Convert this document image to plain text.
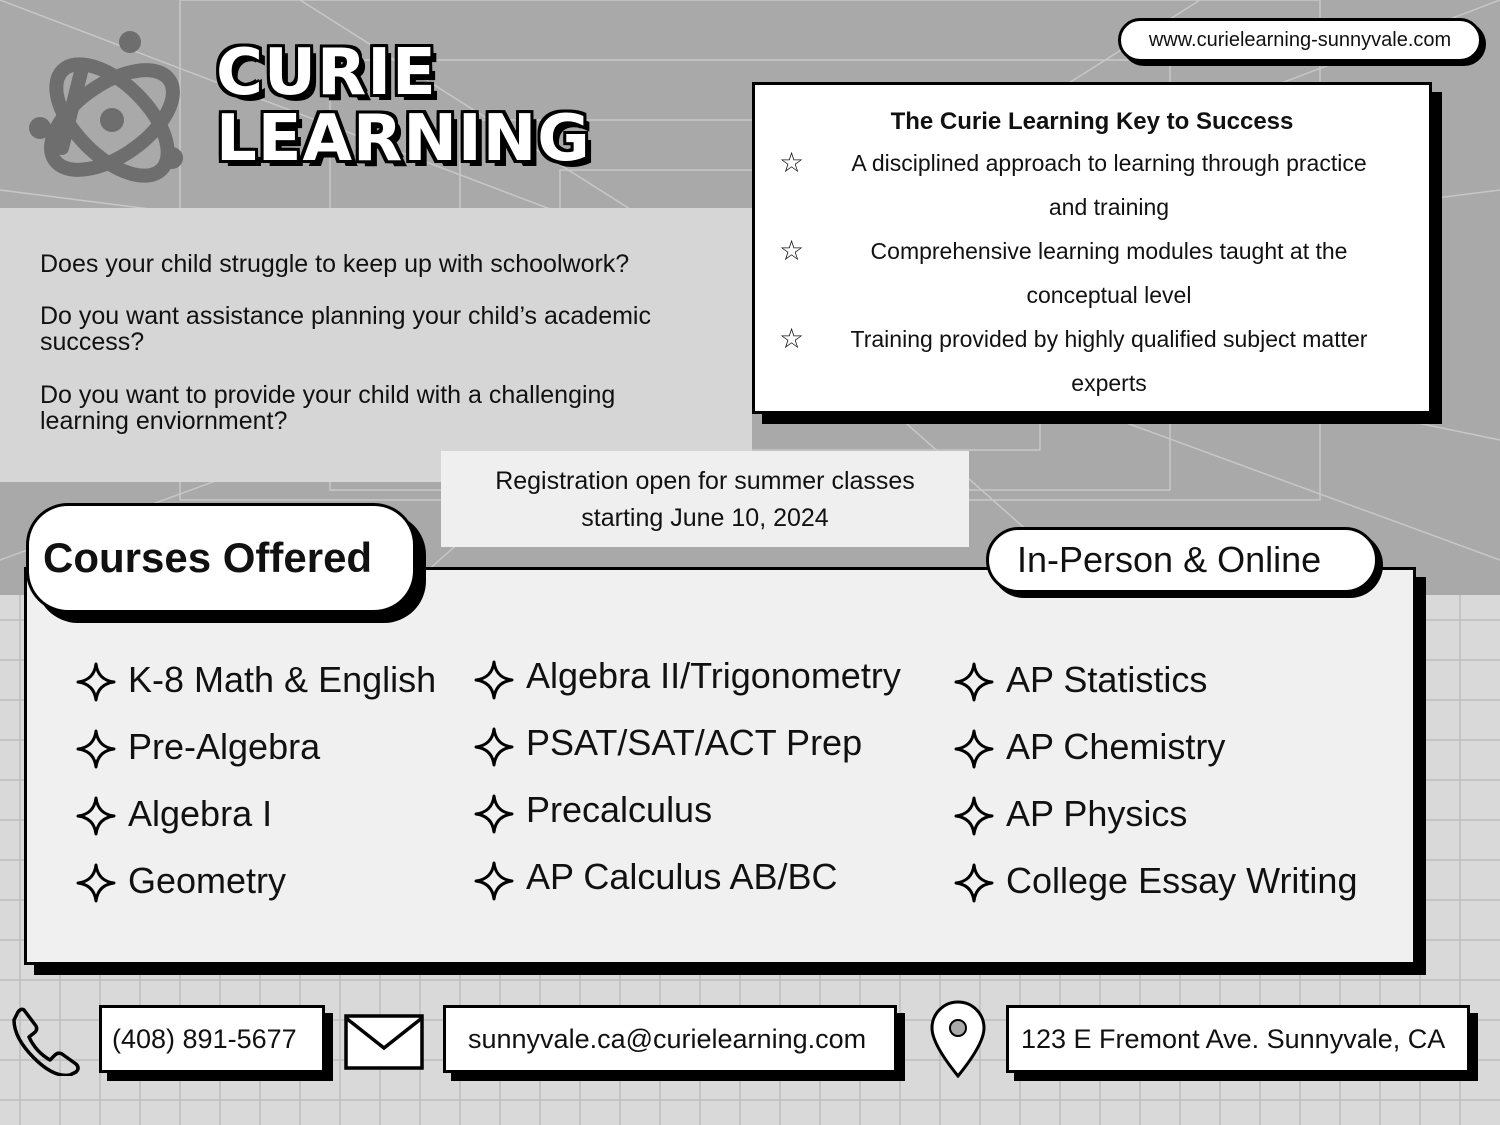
CURIE
LEARNING
www.curielearning-sunnyvale.com
The Curie Learning Key to Success
☆	A disciplined approach to learning through practice
and training
☆	Comprehensive learning modules taught at the
conceptual level
☆	Training provided by highly qualified subject matter
experts
Does your child struggle to keep up with schoolwork?
Do you want assistance planning your child’s academic
success?
Do you want to provide your child with a challenging
learning enviornment?
Registration open for summer classes
starting June 10, 2024
Courses Offered	In-Person & Online
K-8 Math & English
Pre-Algebra
Algebra I
Geometry
Algebra II/Trigonometry
PSAT/SAT/ACT Prep
Precalculus
AP Calculus AB/BC
AP Statistics
AP Chemistry
AP Physics
College Essay Writing
(408) 891-5677	sunnyvale.ca@curielearning.com	123 E Fremont Ave. Sunnyvale, CA
